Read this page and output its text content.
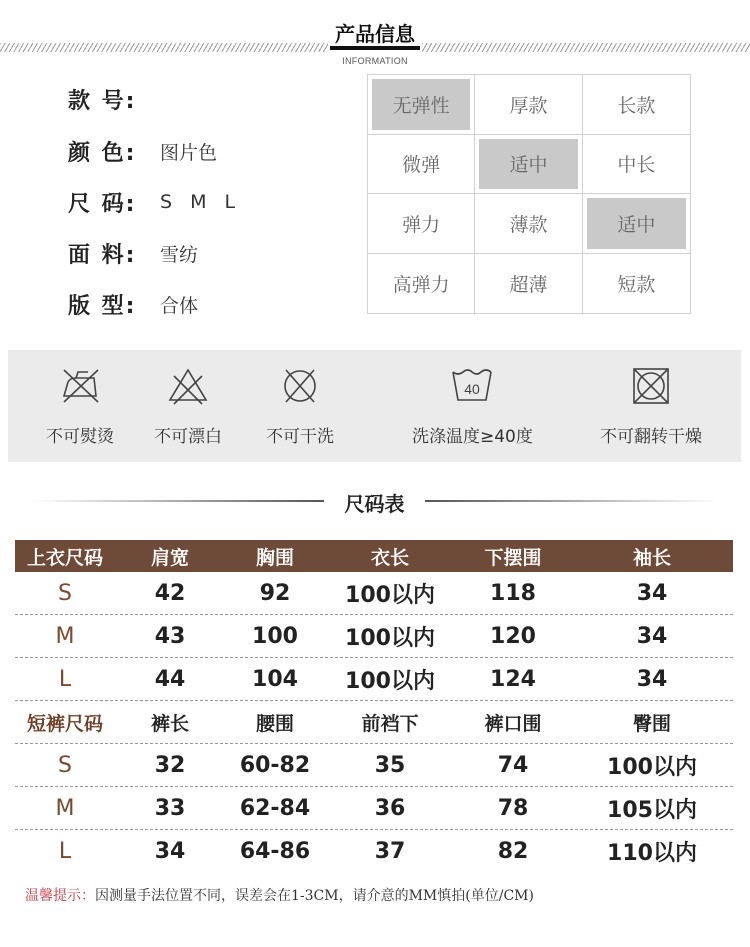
产品信息
INFORMATION
款 号:
颜 色:	图片色
尺 码:	S M L
面 料:	雪纺
版 型:	合体
无弹性	厚款	长款
微弹	适中	中长
弹力	薄款	适中
高弹力	超薄	短款
不可熨烫 不可漂白	不可干洗
40
洗涤温度≥40度	不可翻转干燥
尺码表
上衣尺码	肩宽	胸围	衣长	下摆围	袖长
S	42	92	100以内	118	34
M	43	100	100以内	120	34
L	44	104	100以内	124	34
短裤尺码	裤长	腰围	前裆下	裤口围	臀围
S	32	60-82	35	74	100以内
M	33	62-84	36	78	105以内
L	34	64-86	37	82	110以内
温馨提示：因测量手法位置不同，误差会在1-3CM，请介意的MM慎拍(单位/CM)
